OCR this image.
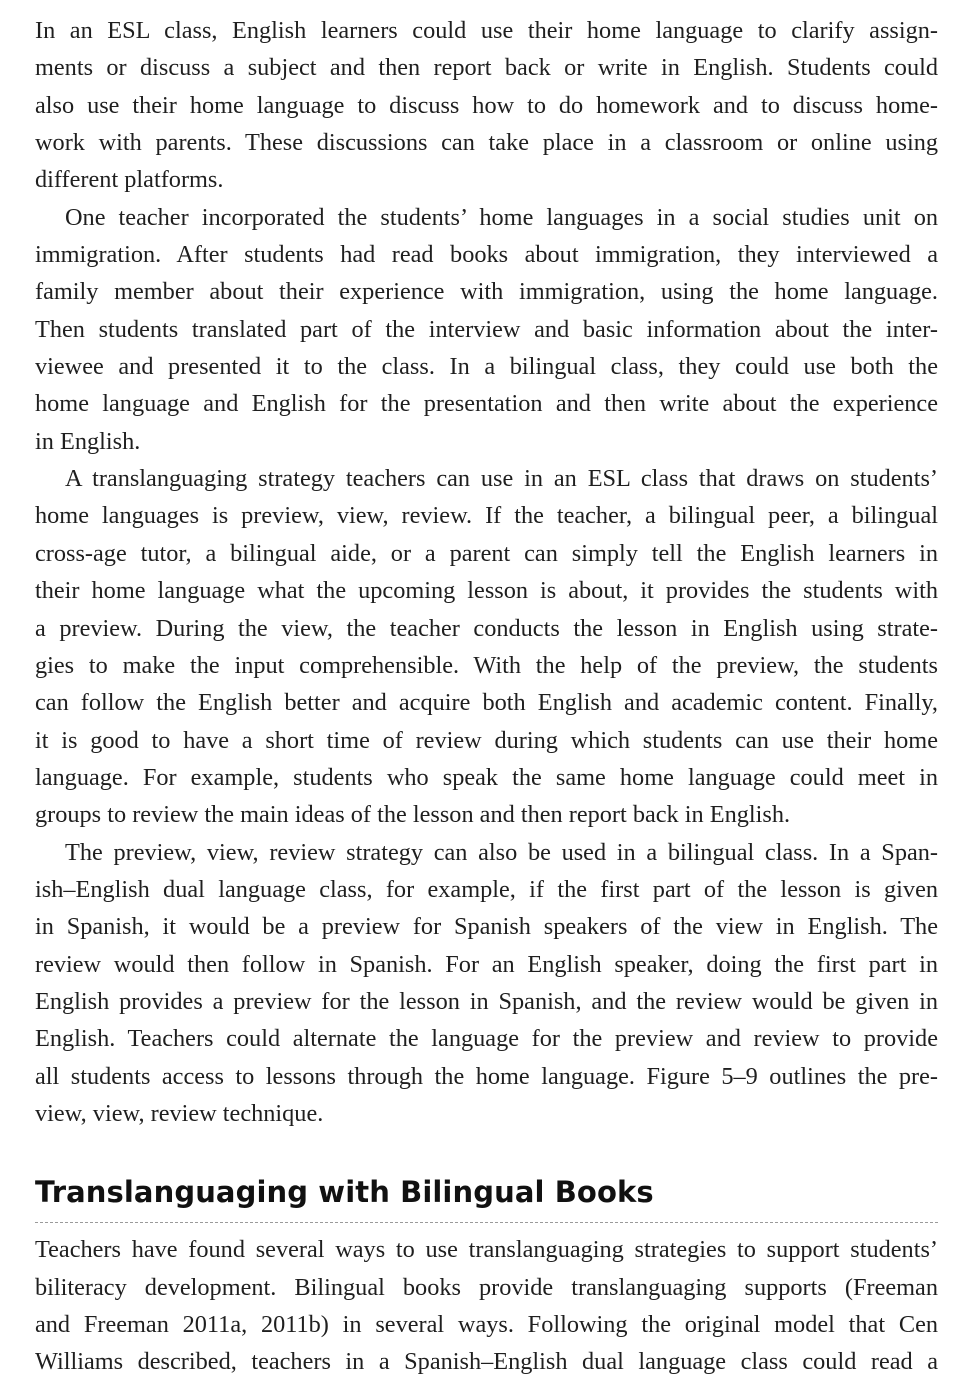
In an ESL class, English learners could use their home language to clarify assign-
ments or discuss a subject and then report back or write in English. Students could
also use their home language to discuss how to do homework and to discuss home-
work with parents. These discussions can take place in a classroom or online using
different platforms.

One teacher incorporated the students’ home languages in a social studies unit on
immigration. After students had read books about immigration, they interviewed a
family member about their experience with immigration, using the home language.
Then students translated part of the interview and basic information about the inter-
viewee and presented it to the class. In a bilingual class, they could use both the
home language and English for the presentation and then write about the experience
in English.

A translanguaging strategy teachers can use in an ESL class that draws on students’
home languages is preview, view, review. If the teacher, a bilingual peer, a bilingual
cross-age tutor, a bilingual aide, or a parent can simply tell the English learners in
their home language what the upcoming lesson is about, it provides the students with
a preview. During the view, the teacher conducts the lesson in English using strate-
gies to make the input comprehensible. With the help of the preview, the students
can follow the English better and acquire both English and academic content. Finally,
it is good to have a short time of review during which students can use their home
language. For example, students who speak the same home language could meet in
groups to review the main ideas of the lesson and then report back in English.

The preview, view, review strategy can also be used in a bilingual class. In a Span-
ish–English dual language class, for example, if the first part of the lesson is given
in Spanish, it would be a preview for Spanish speakers of the view in English. The
review would then follow in Spanish. For an English speaker, doing the first part in
English provides a preview for the lesson in Spanish, and the review would be given in
English. Teachers could alternate the language for the preview and review to provide
all students access to lessons through the home language. Figure 5–9 outlines the pre-
view, view, review technique.

Translanguaging with Bilingual Books

Teachers have found several ways to use translanguaging strategies to support students’
biliteracy development. Bilingual books provide translanguaging supports (Freeman
and Freeman 2011a, 2011b) in several ways. Following the original model that Cen
Williams described, teachers in a Spanish–English dual language class could read a
